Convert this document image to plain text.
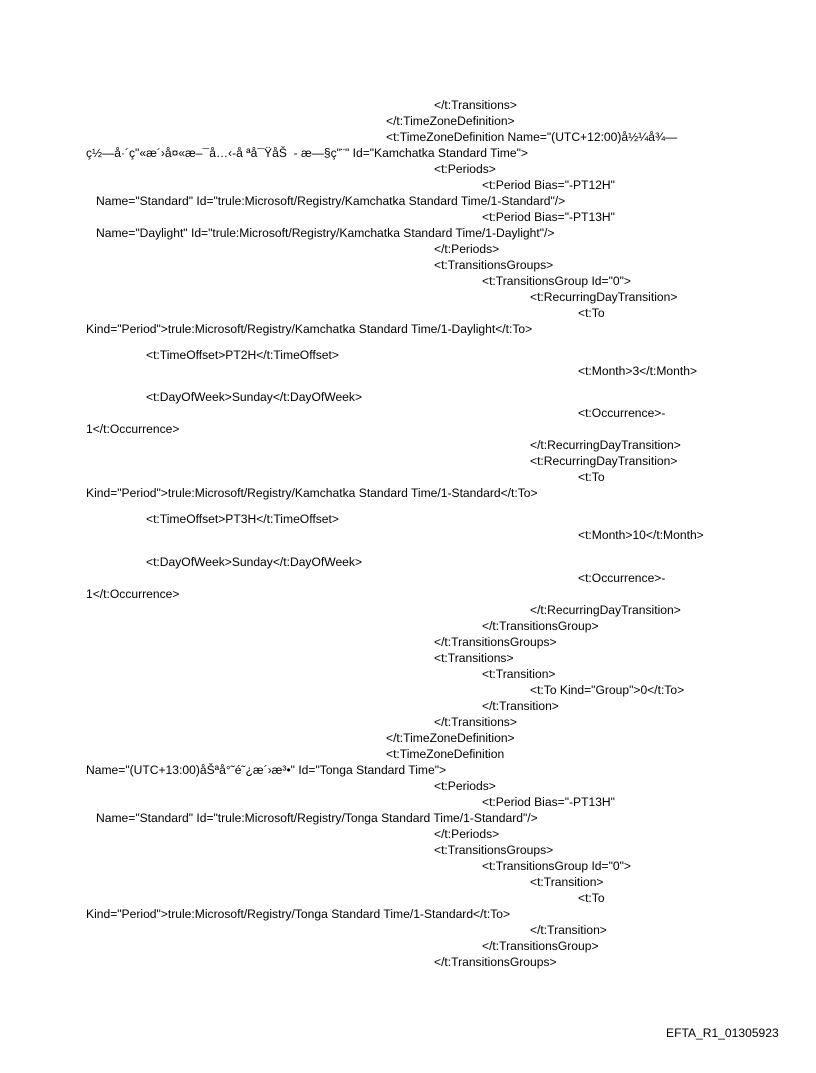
</t:Transitions>
</t:TimeZoneDefinition>
<t:TimeZoneDefinition Name="(UTC+12:00)å½¼å¾—
ç½—å·´ç"«æ´›å¤«æ–¯å…‹-å ªå¯ŸåŠ  - æ—§ç"¨" Id="Kamchatka Standard Time">
<t:Periods>
<t:Period Bias="-PT12H"
Name="Standard" Id="trule:Microsoft/Registry/Kamchatka Standard Time/1-Standard"/>
<t:Period Bias="-PT13H"
Name="Daylight" Id="trule:Microsoft/Registry/Kamchatka Standard Time/1-Daylight"/>
</t:Periods>
<t:TransitionsGroups>
<t:TransitionsGroup Id="0">
<t:RecurringDayTransition>
<t:To
Kind="Period">trule:Microsoft/Registry/Kamchatka Standard Time/1-Daylight</t:To>
<t:TimeOffset>PT2H</t:TimeOffset>
<t:Month>3</t:Month>
<t:DayOfWeek>Sunday</t:DayOfWeek>
<t:Occurrence>-
1</t:Occurrence>
</t:RecurringDayTransition>
<t:RecurringDayTransition>
<t:To
Kind="Period">trule:Microsoft/Registry/Kamchatka Standard Time/1-Standard</t:To>
<t:TimeOffset>PT3H</t:TimeOffset>
<t:Month>10</t:Month>
<t:DayOfWeek>Sunday</t:DayOfWeek>
<t:Occurrence>-
1</t:Occurrence>
</t:RecurringDayTransition>
</t:TransitionsGroup>
</t:TransitionsGroups>
<t:Transitions>
<t:Transition>
<t:To Kind="Group">0</t:To>
</t:Transition>
</t:Transitions>
</t:TimeZoneDefinition>
<t:TimeZoneDefinition
Name="(UTC+13:00)åŠªå°˜é˜¿æ´›æ³•" Id="Tonga Standard Time">
<t:Periods>
<t:Period Bias="-PT13H"
Name="Standard" Id="trule:Microsoft/Registry/Tonga Standard Time/1-Standard"/>
</t:Periods>
<t:TransitionsGroups>
<t:TransitionsGroup Id="0">
<t:Transition>
<t:To
Kind="Period">trule:Microsoft/Registry/Tonga Standard Time/1-Standard</t:To>
</t:Transition>
</t:TransitionsGroup>
</t:TransitionsGroups>
EFTA_R1_01305923
